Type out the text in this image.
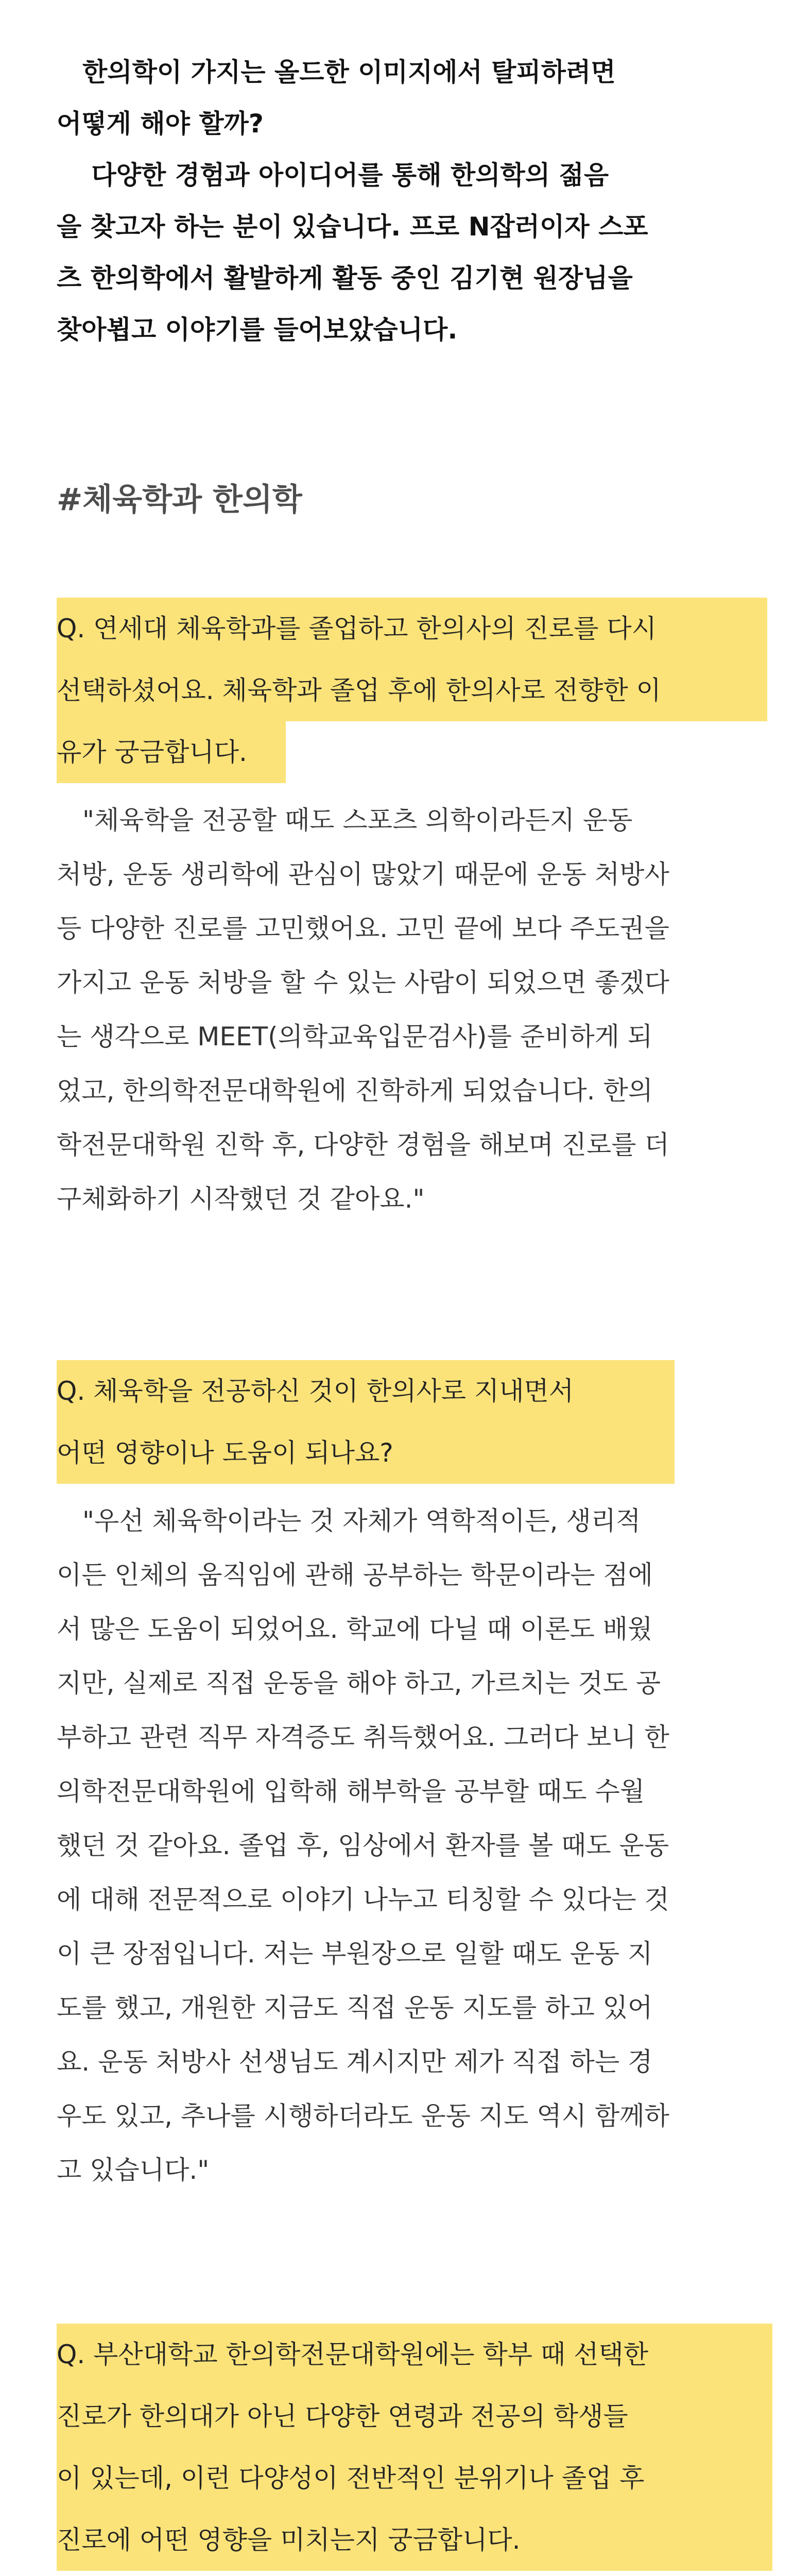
　한의학이 가지는 올드한 이미지에서 탈피하려면
어떻게 해야 할까?
　 다양한 경험과 아이디어를 통해 한의학의 젊음
을 찾고자 하는 분이 있습니다. 프로 N잡러이자 스포
츠 한의학에서 활발하게 활동 중인 김기현 원장님을
찾아뵙고 이야기를 들어보았습니다.
#체육학과 한의학
Q. 연세대 체육학과를 졸업하고 한의사의 진로를 다시
선택하셨어요. 체육학과 졸업 후에 한의사로 전향한 이
유가 궁금합니다.
　"체육학을 전공할 때도 스포츠 의학이라든지 운동
처방, 운동 생리학에 관심이 많았기 때문에 운동 처방사
등 다양한 진로를 고민했어요. 고민 끝에 보다 주도권을
가지고 운동 처방을 할 수 있는 사람이 되었으면 좋겠다
는 생각으로 MEET(의학교육입문검사)를 준비하게 되
었고, 한의학전문대학원에 진학하게 되었습니다. 한의
학전문대학원 진학 후, 다양한 경험을 해보며 진로를 더
구체화하기 시작했던 것 같아요."
Q. 체육학을 전공하신 것이 한의사로 지내면서
어떤 영향이나 도움이 되나요?
　"우선 체육학이라는 것 자체가 역학적이든, 생리적
이든 인체의 움직임에 관해 공부하는 학문이라는 점에
서 많은 도움이 되었어요. 학교에 다닐 때 이론도 배웠
지만, 실제로 직접 운동을 해야 하고, 가르치는 것도 공
부하고 관련 직무 자격증도 취득했어요. 그러다 보니 한
의학전문대학원에 입학해 해부학을 공부할 때도 수월
했던 것 같아요. 졸업 후, 임상에서 환자를 볼 때도 운동
에 대해 전문적으로 이야기 나누고 티칭할 수 있다는 것
이 큰 장점입니다. 저는 부원장으로 일할 때도 운동 지
도를 했고, 개원한 지금도 직접 운동 지도를 하고 있어
요. 운동 처방사 선생님도 계시지만 제가 직접 하는 경
우도 있고, 추나를 시행하더라도 운동 지도 역시 함께하
고 있습니다."
Q. 부산대학교 한의학전문대학원에는 학부 때 선택한
진로가 한의대가 아닌 다양한 연령과 전공의 학생들
이 있는데, 이런 다양성이 전반적인 분위기나 졸업 후
진로에 어떤 영향을 미치는지 궁금합니다.
